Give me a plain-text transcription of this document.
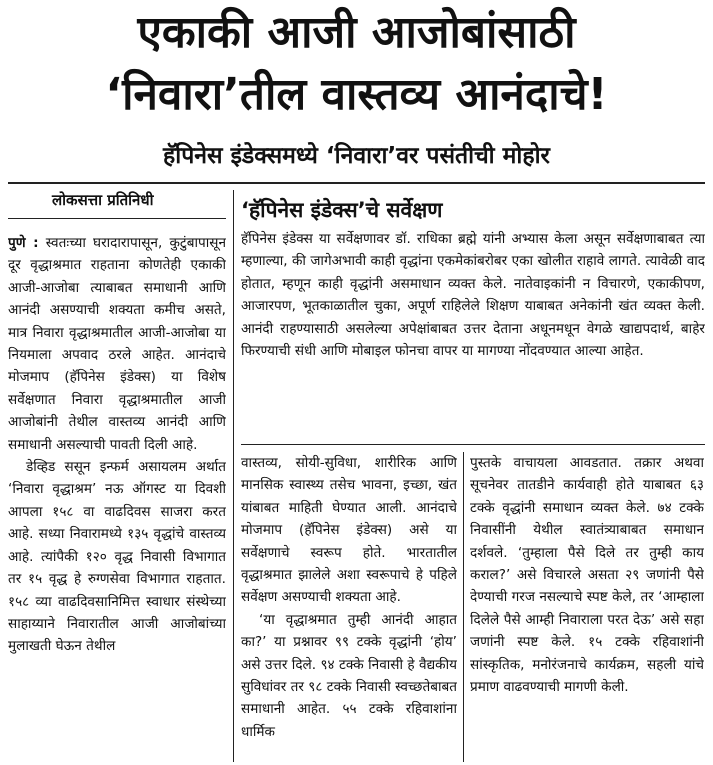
एकाकी आजी आजोबांसाठी
‘निवारा’तील वास्तव्य आनंदाचे!
हॅपिनेस इंडेक्समध्ये ‘निवारा’वर पसंतीची मोहोर
लोकसत्ता प्रतिनिधी

पुणे : स्वतःच्या घरादारापासून, कुटुंबापासून दूर वृद्धाश्रमात राहताना कोणतेही एकाकी आजी-आजोबा त्याबाबत समाधानी आणि आनंदी असण्याची शक्यता कमीच असते, मात्र निवारा वृद्धाश्रमातील आजी-आजोबा या नियमाला अपवाद ठरले आहेत. आनंदाचे मोजमाप (हॅपिनेस इंडेक्स) या विशेष सर्वेक्षणात निवारा वृद्धाश्रमातील आजी आजोबांनी तेथील वास्तव्य आनंदी आणि समाधानी असल्याची पावती दिली आहे.

डेव्हिड ससून इन्फर्म असायलम अर्थात ‘निवारा वृद्धाश्रम’ नऊ ऑगस्ट या दिवशी आपला १५८ वा वाढदिवस साजरा करत आहे. सध्या निवारामध्ये १३५ वृद्धांचे वास्तव्य आहे. त्यांपैकी १२० वृद्ध निवासी विभागात तर १५ वृद्ध हे रुग्णसेवा विभागात राहतात. १५८ व्या वाढदिवसानिमित्त स्वाधार संस्थेच्या साहाय्याने निवारातील आजी आजोबांच्या मुलाखती घेऊन तेथील

‘हॅपिनेस इंडेक्स’चे सर्वेक्षण
हॅपिनेस इंडेक्स या सर्वेक्षणावर डॉ. राधिका ब्रह्मे यांनी अभ्यास केला असून सर्वेक्षणाबाबत त्या म्हणाल्या, की जागेअभावी काही वृद्धांना एकमेकांबरोबर एका खोलीत राहावे लागते. त्यावेळी वाद होतात, म्हणून काही वृद्धांनी असमाधान व्यक्त केले. नातेवाइकांनी न विचारणे, एकाकीपण, आजारपण, भूतकाळातील चुका, अपूर्ण राहिलेले शिक्षण याबाबत अनेकांनी खंत व्यक्त केली. आनंदी राहण्यासाठी असलेल्या अपेक्षांबाबत उत्तर देताना अधूनमधून वेगळे खाद्यपदार्थ, बाहेर फिरण्याची संधी आणि मोबाइल फोनचा वापर या मागण्या नोंदवण्यात आल्या आहेत.

वास्तव्य, सोयी-सुविधा, शारीरिक आणि मानसिक स्वास्थ्य तसेच भावना, इच्छा, खंत यांबाबत माहिती घेण्यात आली. आनंदाचे मोजमाप (हॅपिनेस इंडेक्स) असे या सर्वेक्षणाचे स्वरूप होते. भारतातील वृद्धाश्रमात झालेले अशा स्वरूपाचे हे पहिले सर्वेक्षण असण्याची शक्यता आहे.

‘या वृद्धाश्रमात तुम्ही आनंदी आहात का?’ या प्रश्नावर ९९ टक्के वृद्धांनी ‘होय’ असे उत्तर दिले. ९४ टक्के निवासी हे वैद्यकीय सुविधांवर तर ९८ टक्के निवासी स्वच्छतेबाबत समाधानी आहेत. ५५ टक्के रहिवाशांना धार्मिक

पुस्तके वाचायला आवडतात. तक्रार अथवा सूचनेवर तातडीने कार्यवाही होते याबाबत ६३ टक्के वृद्धांनी समाधान व्यक्त केले. ७४ टक्के निवासींनी येथील स्वातंत्र्याबाबत समाधान दर्शवले. ‘तुम्हाला पैसे दिले तर तुम्ही काय कराल?’ असे विचारले असता २९ जणांनी पैसे देण्याची गरज नसल्याचे स्पष्ट केले, तर ‘आम्हाला दिलेले पैसे आम्ही निवाराला परत देऊ’ असे सहा जणांनी स्पष्ट केले. १५ टक्के रहिवाशांनी सांस्कृतिक, मनोरंजनाचे कार्यक्रम, सहली यांचे प्रमाण वाढवण्याची मागणी केली.
